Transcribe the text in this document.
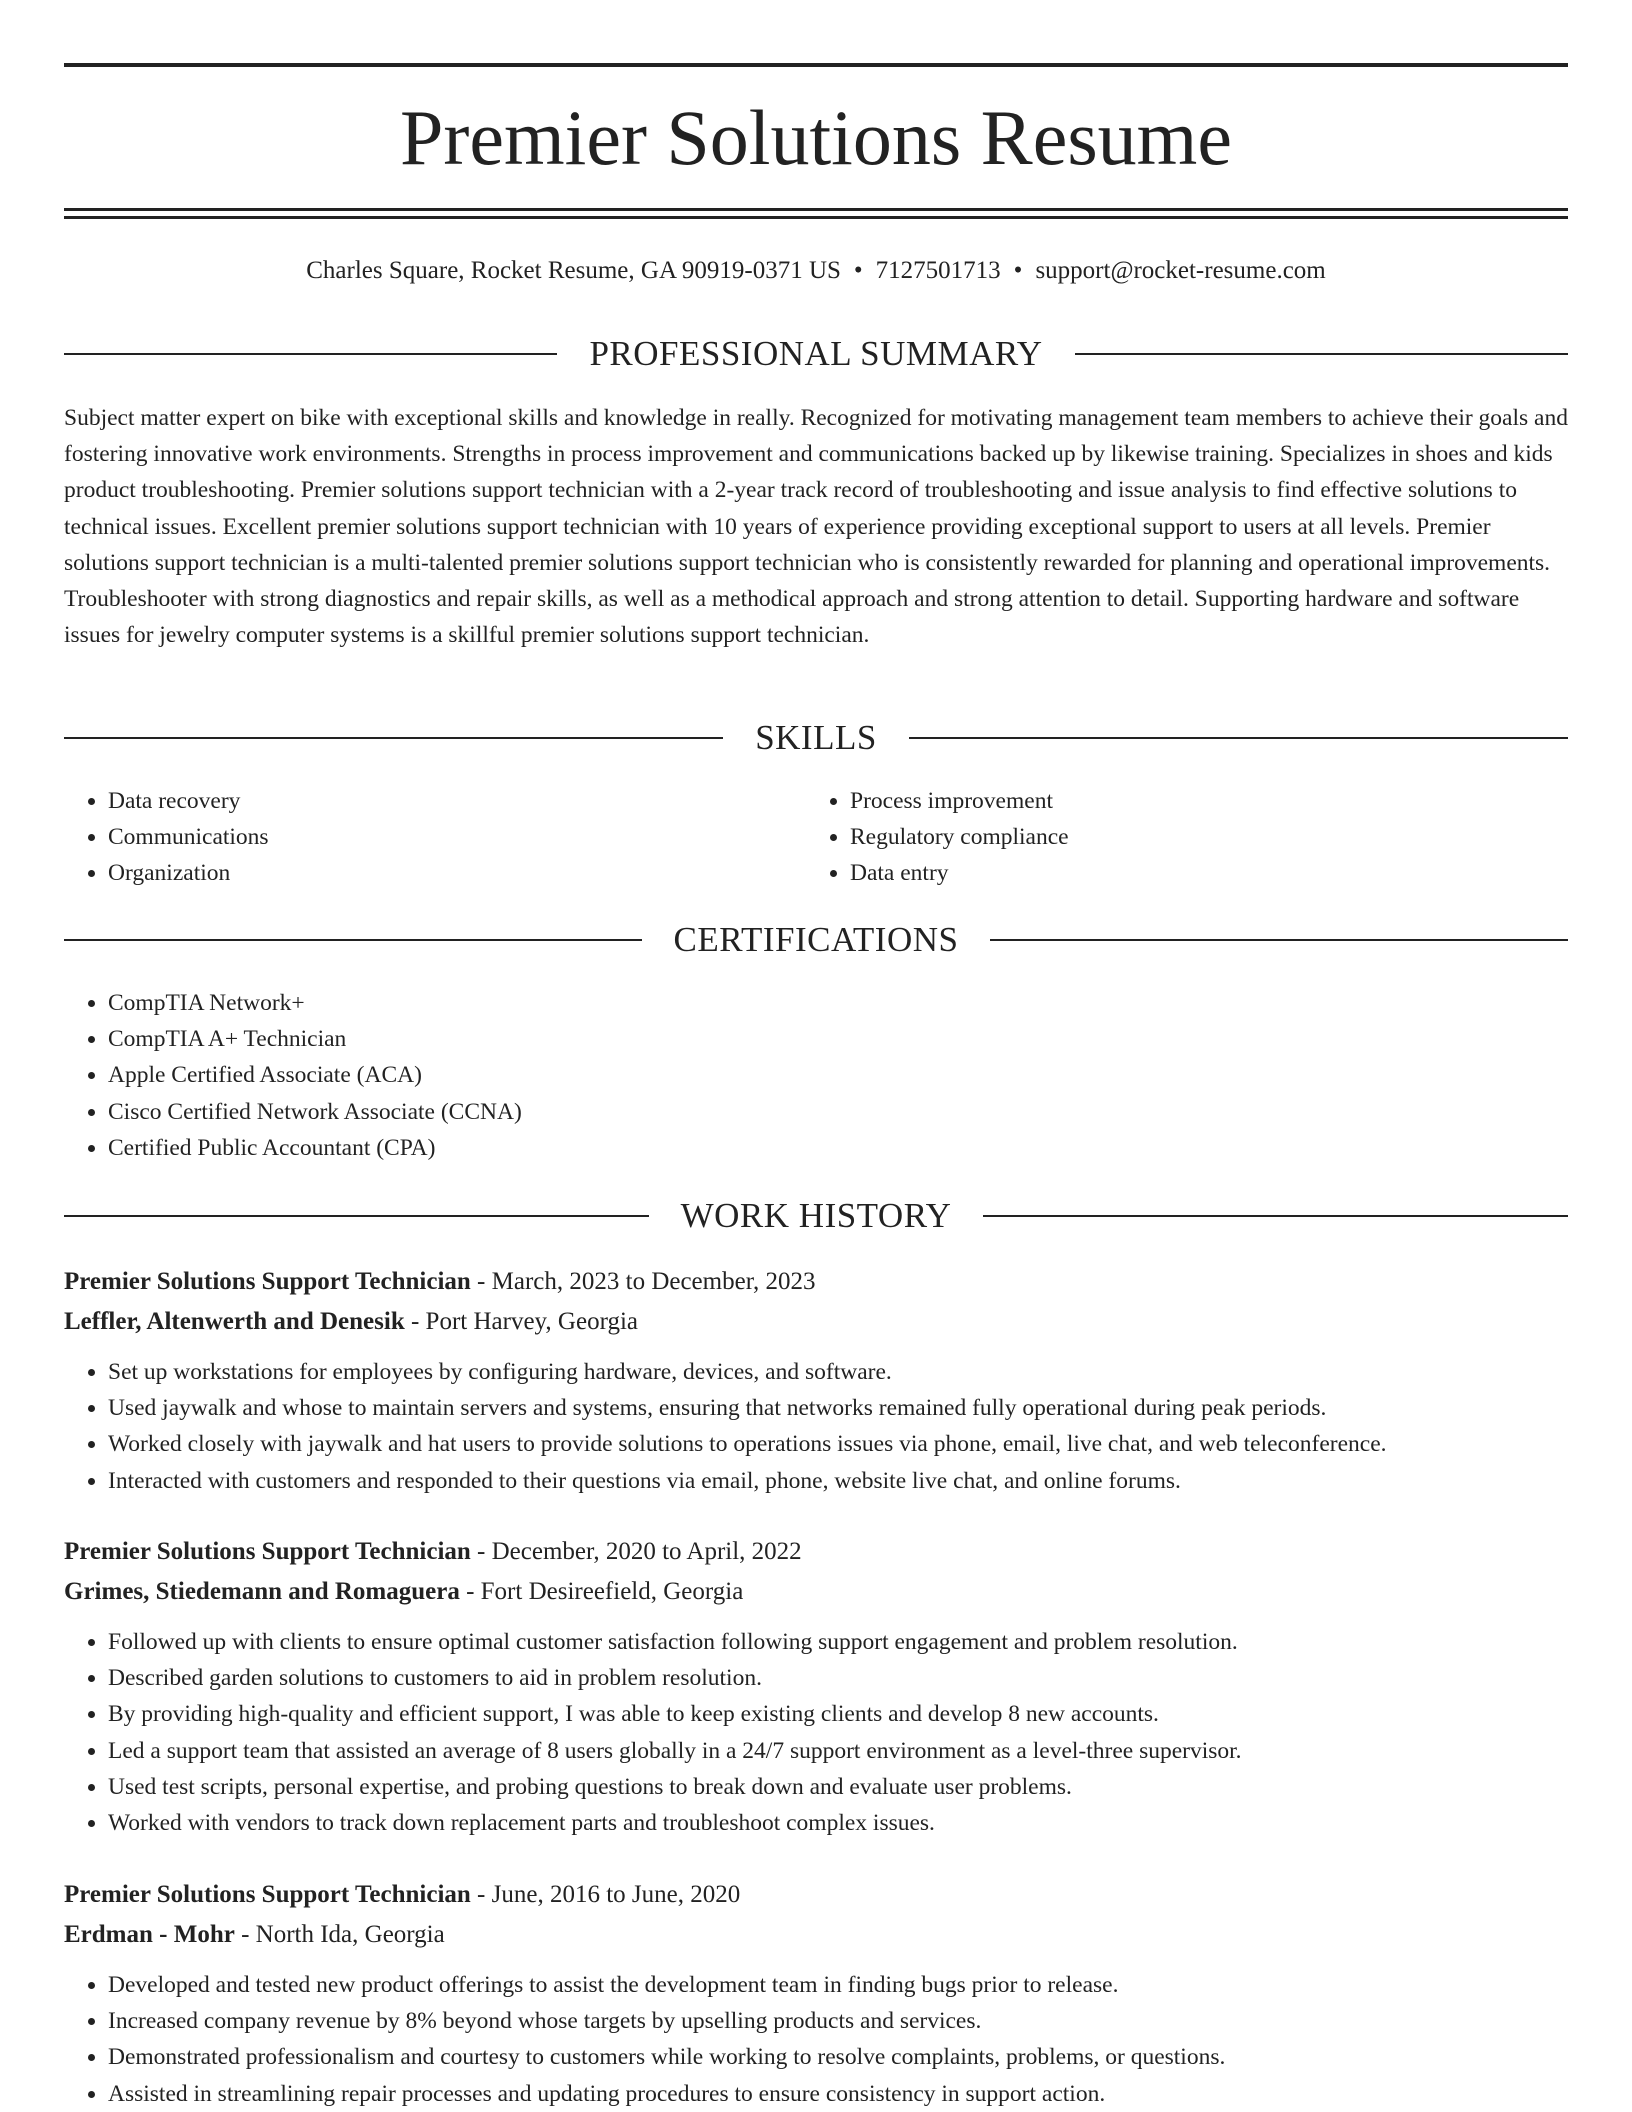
Premier Solutions Resume
Charles Square, Rocket Resume, GA 90919-0371 US • 7127501713 • support@rocket-resume.com
PROFESSIONAL SUMMARY

Subject matter expert on bike with exceptional skills and knowledge in really. Recognized for motivating management team members to achieve their goals and fostering innovative work environments. Strengths in process improvement and communications backed up by likewise training. Specializes in shoes and kids product troubleshooting. Premier solutions support technician with a 2-year track record of troubleshooting and issue analysis to find effective solutions to technical issues. Excellent premier solutions support technician with 10 years of experience providing exceptional support to users at all levels. Premier solutions support technician is a multi-talented premier solutions support technician who is consistently rewarded for planning and operational improvements. Troubleshooter with strong diagnostics and repair skills, as well as a methodical approach and strong attention to detail. Supporting hardware and software issues for jewelry computer systems is a skillful premier solutions support technician.

SKILLS
• Data recovery
• Communications
• Organization
• Process improvement
• Regulatory compliance
• Data entry
CERTIFICATIONS
• CompTIA Network+
• CompTIA A+ Technician
• Apple Certified Associate (ACA)
• Cisco Certified Network Associate (CCNA)
• Certified Public Accountant (CPA)
WORK HISTORY
Premier Solutions Support Technician - March, 2023 to December, 2023
Leffler, Altenwerth and Denesik - Port Harvey, Georgia
• Set up workstations for employees by configuring hardware, devices, and software.
• Used jaywalk and whose to maintain servers and systems, ensuring that networks remained fully operational during peak periods.
• Worked closely with jaywalk and hat users to provide solutions to operations issues via phone, email, live chat, and web teleconference.
• Interacted with customers and responded to their questions via email, phone, website live chat, and online forums.
Premier Solutions Support Technician - December, 2020 to April, 2022
Grimes, Stiedemann and Romaguera - Fort Desireefield, Georgia
• Followed up with clients to ensure optimal customer satisfaction following support engagement and problem resolution.
• Described garden solutions to customers to aid in problem resolution.
• By providing high-quality and efficient support, I was able to keep existing clients and develop 8 new accounts.
• Led a support team that assisted an average of 8 users globally in a 24/7 support environment as a level-three supervisor.
• Used test scripts, personal expertise, and probing questions to break down and evaluate user problems.
• Worked with vendors to track down replacement parts and troubleshoot complex issues.
Premier Solutions Support Technician - June, 2016 to June, 2020
Erdman - Mohr - North Ida, Georgia
• Developed and tested new product offerings to assist the development team in finding bugs prior to release.
• Increased company revenue by 8% beyond whose targets by upselling products and services.
• Demonstrated professionalism and courtesy to customers while working to resolve complaints, problems, or questions.
• Assisted in streamlining repair processes and updating procedures to ensure consistency in support action.
